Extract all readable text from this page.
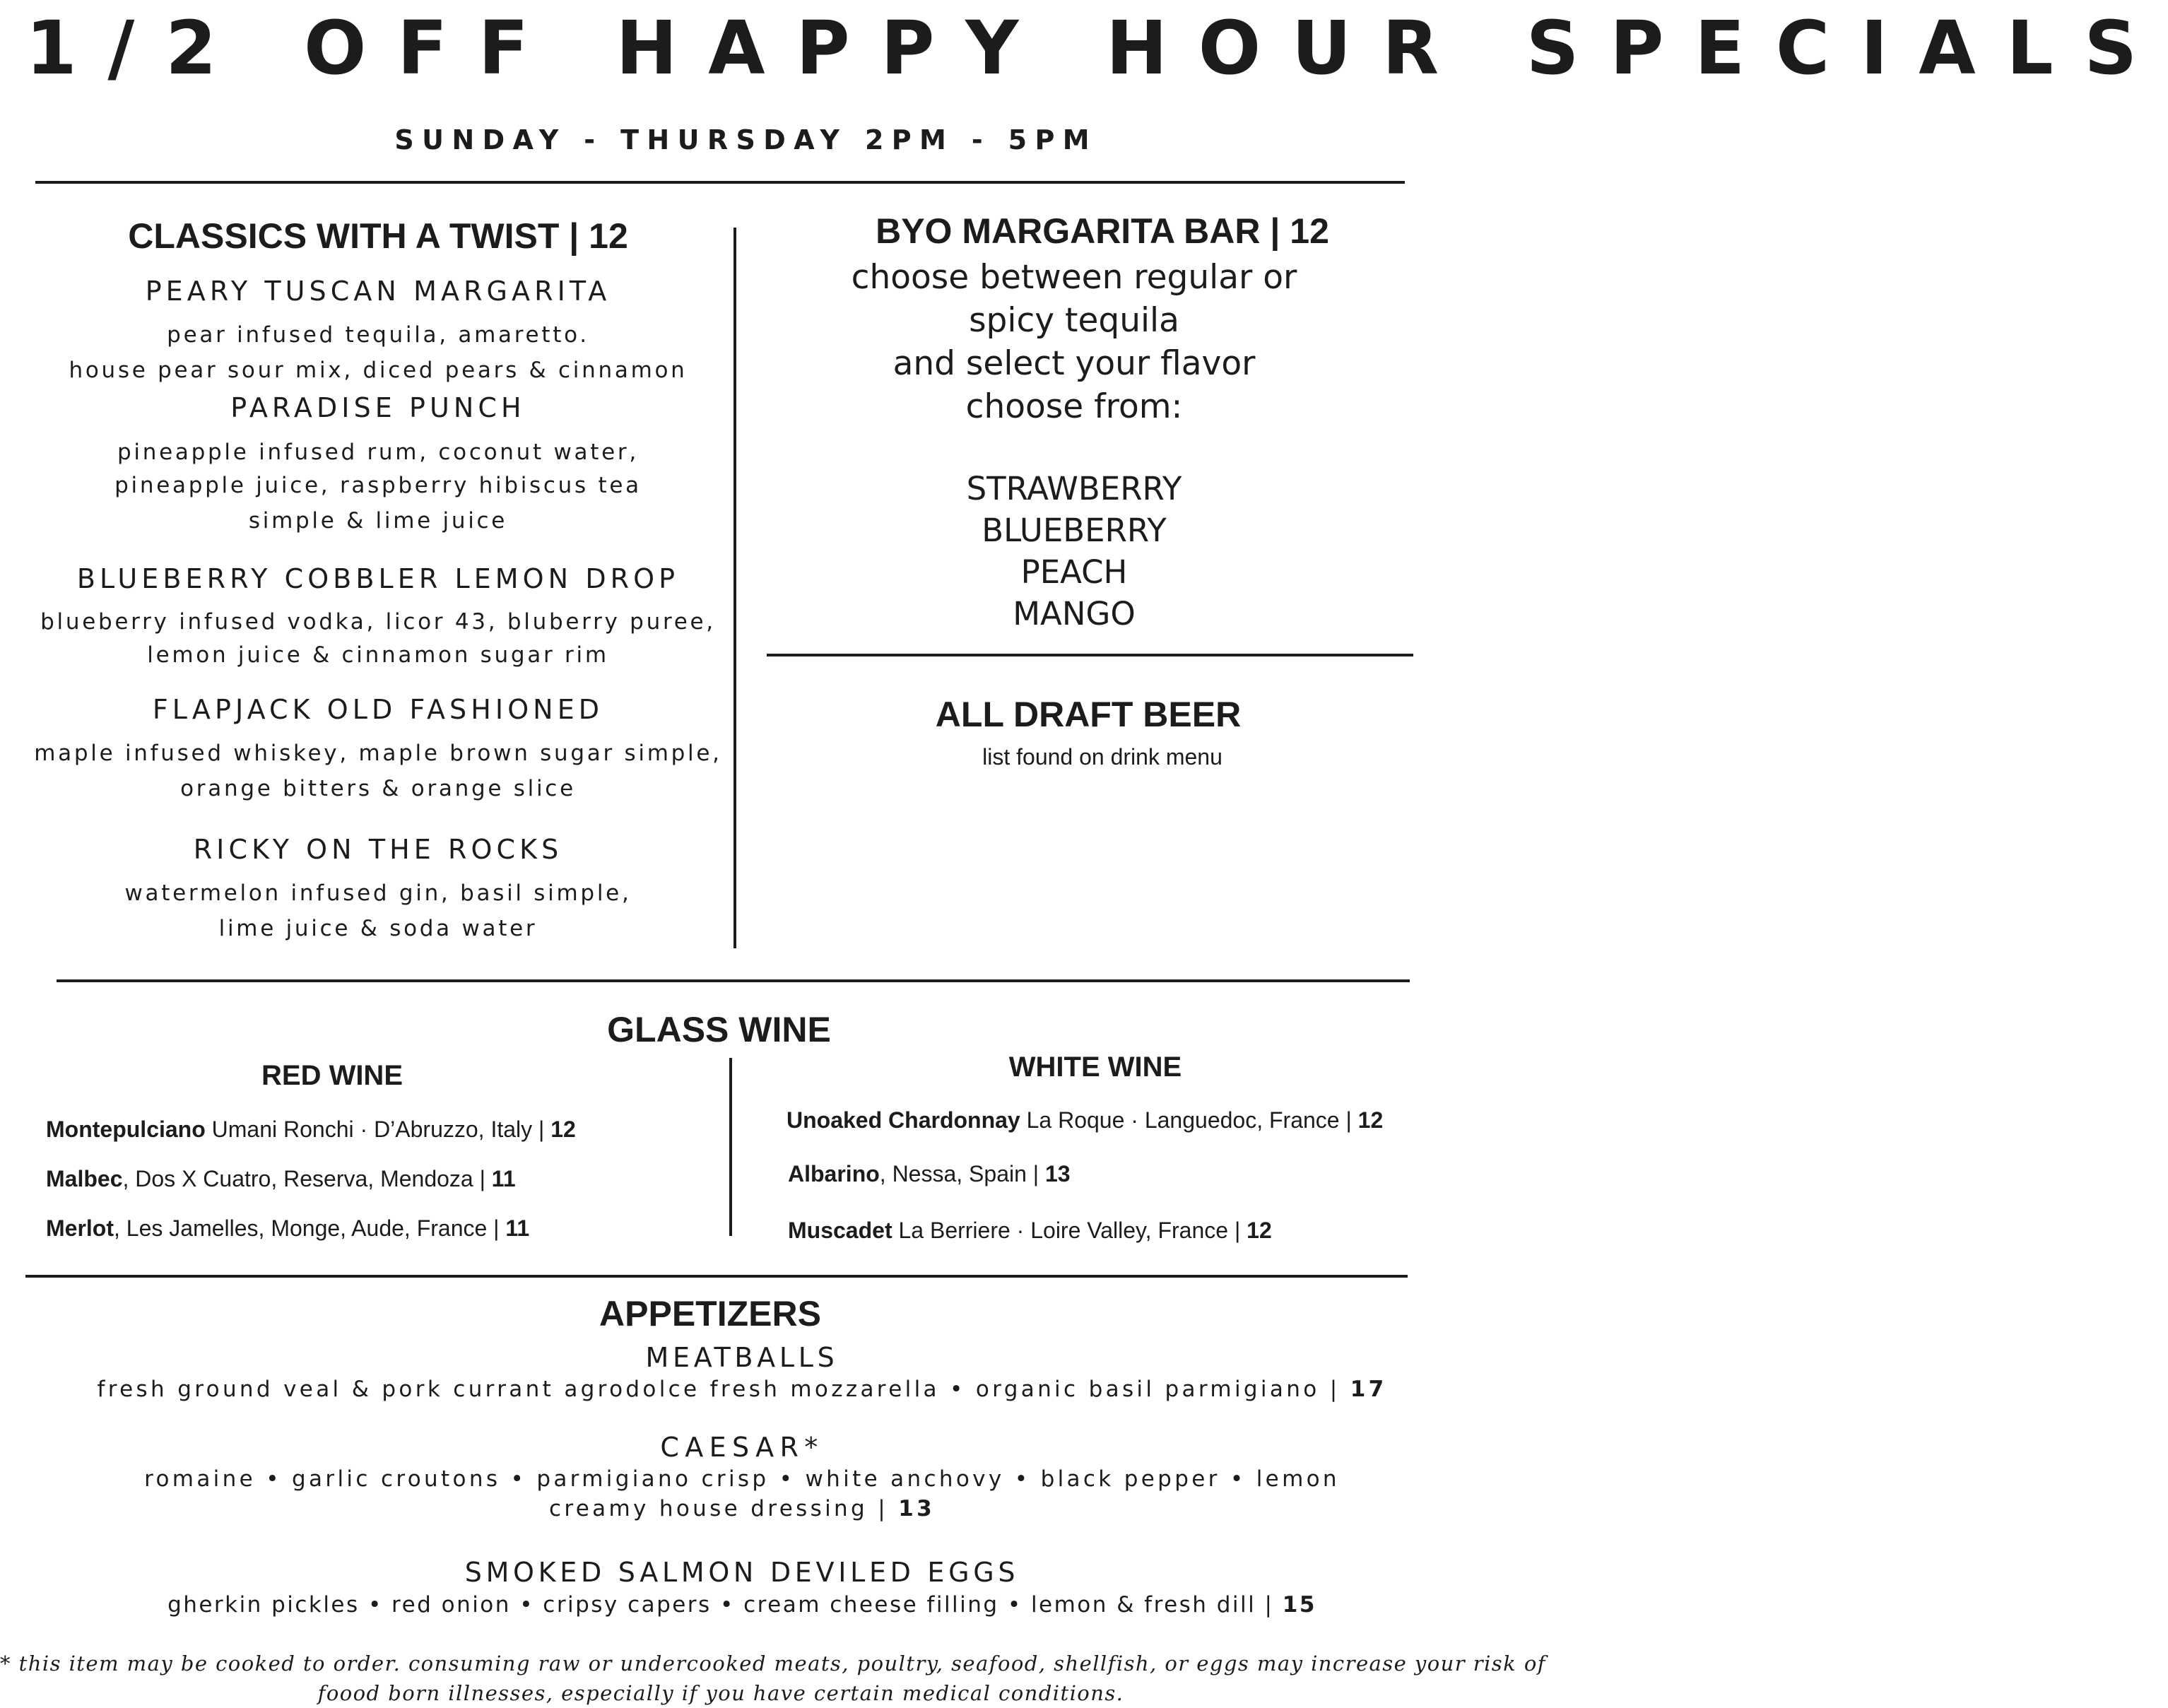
1/2 OFF HAPPY HOUR SPECIALS
SUNDAY - THURSDAY 2PM - 5PM
CLASSICS WITH A TWIST | 12
PEARY TUSCAN MARGARITA
pear infused tequila, amaretto.
house pear sour mix, diced pears & cinnamon
PARADISE PUNCH
pineapple infused rum, coconut water,
pineapple juice, raspberry hibiscus tea
simple & lime juice
BLUEBERRY COBBLER LEMON DROP
blueberry infused vodka, licor 43, bluberry puree,
lemon juice & cinnamon sugar rim
FLAPJACK OLD FASHIONED
maple infused whiskey, maple brown sugar simple,
orange bitters & orange slice
RICKY ON THE ROCKS
watermelon infused gin, basil simple,
lime juice & soda water
BYO MARGARITA BAR | 12
choose between regular or
spicy tequila
and select your flavor
choose from:
STRAWBERRY
BLUEBERRY
PEACH
MANGO
ALL DRAFT BEER
list found on drink menu
GLASS WINE
RED WINE
Montepulciano Umani Ronchi · D’Abruzzo, Italy | 12
Malbec, Dos X Cuatro, Reserva, Mendoza | 11
Merlot, Les Jamelles, Monge, Aude, France | 11
WHITE WINE
Unoaked Chardonnay La Roque · Languedoc, France | 12
Albarino, Nessa, Spain | 13
Muscadet La Berriere · Loire Valley, France | 12
APPETIZERS
MEATBALLS
fresh ground veal & pork currant agrodolce fresh mozzarella • organic basil parmigiano | 17
CAESAR*
romaine • garlic croutons • parmigiano crisp • white anchovy • black pepper • lemon
creamy house dressing | 13
SMOKED SALMON DEVILED EGGS
gherkin pickles • red onion • cripsy capers • cream cheese filling • lemon & fresh dill | 15
* this item may be cooked to order. consuming raw or undercooked meats, poultry, seafood, shellfish, or eggs may increase your risk of
foood born illnesses, especially if you have certain medical conditions.
